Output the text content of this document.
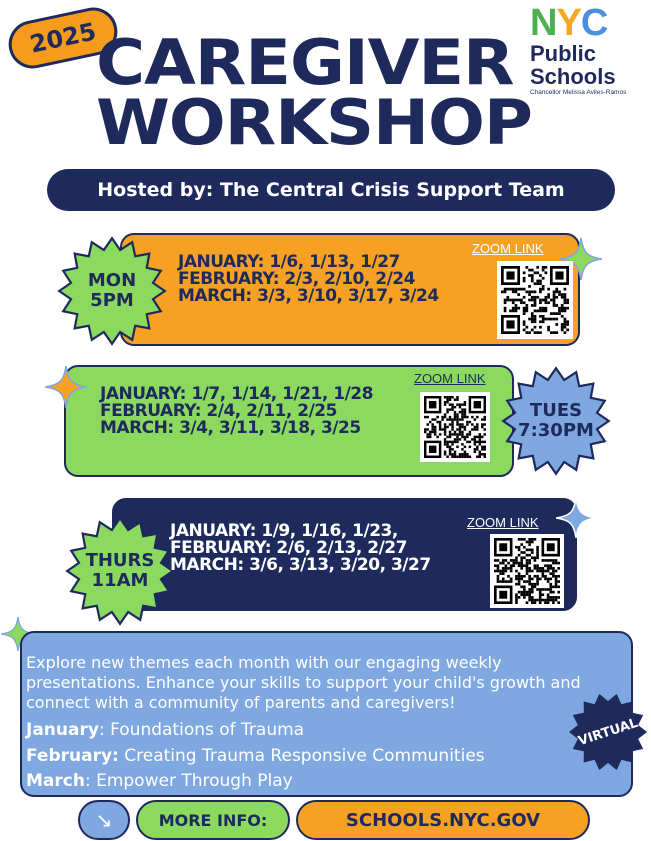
2025
CAREGIVER
WORKSHOP
NYC
Public
Schools
Chancellor Melissa Aviles-Ramos
Hosted by: The Central Crisis Support Team
MON
5PM
JANUARY: 1/6, 1/13, 1/27
FEBRUARY: 2/3, 2/10, 2/24
MARCH: 3/3, 3/10, 3/17, 3/24
ZOOM LINK
JANUARY: 1/7, 1/14, 1/21, 1/28
FEBRUARY: 2/4, 2/11, 2/25
MARCH: 3/4, 3/11, 3/18, 3/25
ZOOM LINK
TUES
7:30PM
THURS
11AM
JANUARY: 1/9, 1/16, 1/23,
FEBRUARY: 2/6, 2/13, 2/27
MARCH: 3/6, 3/13, 3/20, 3/27
ZOOM LINK
Explore new themes each month with our engaging weekly presentations. Enhance your skills to support your child's growth and connect with a community of parents and caregivers!
January: Foundations of Trauma
February: Creating Trauma Responsive Communities
March: Empower Through Play
VIRTUAL
↘	MORE INFO:	SCHOOLS.NYC.GOV
